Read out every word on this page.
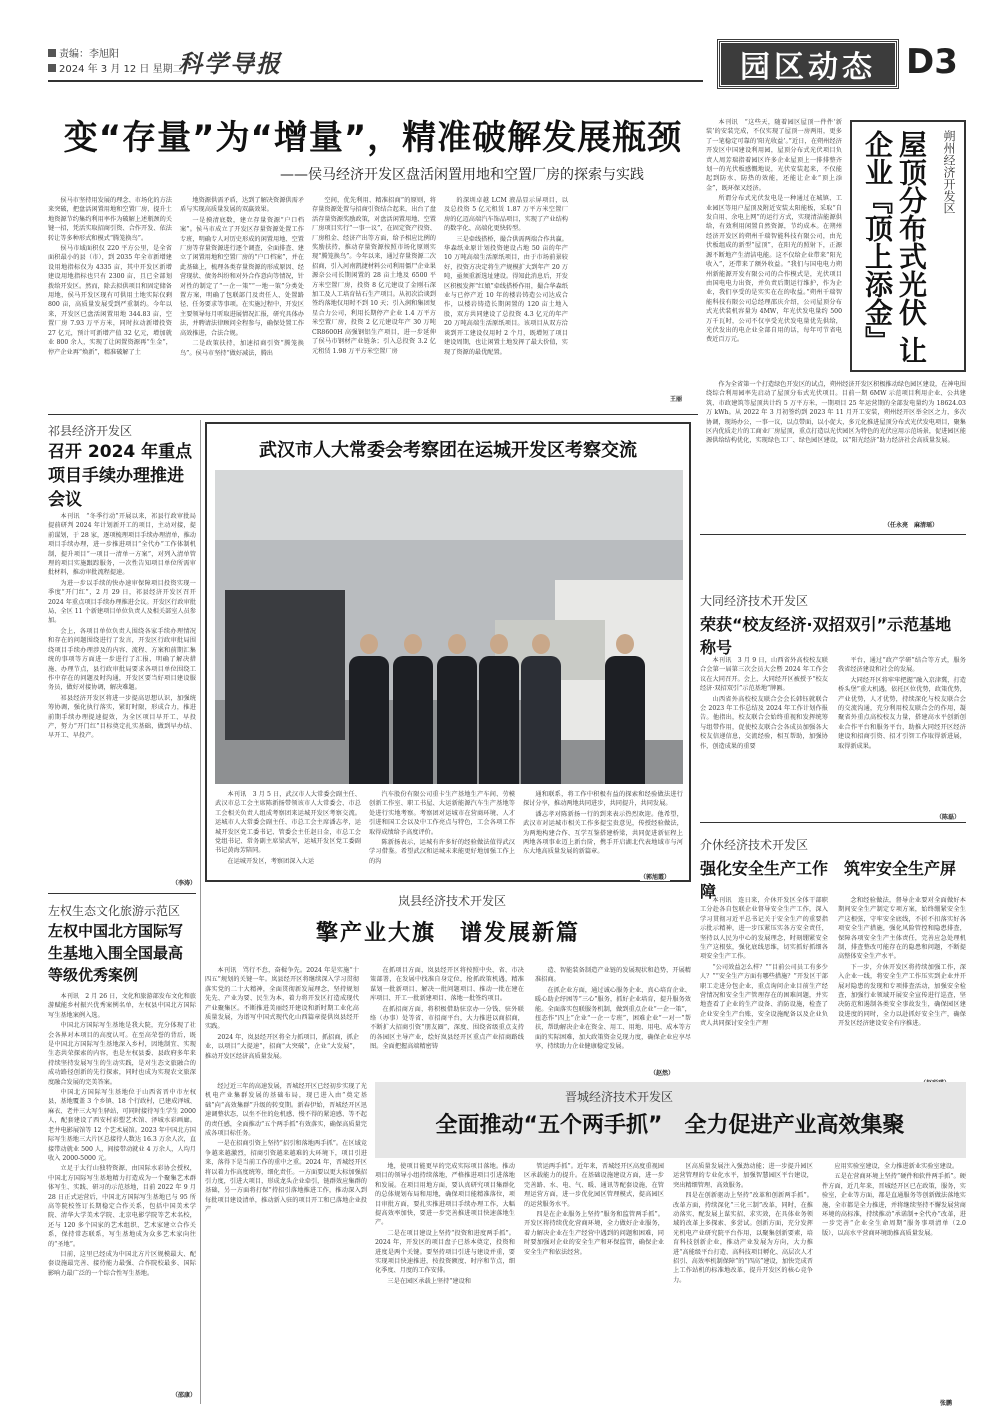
责编：李旭阳
2024 年 3 月 12 日 星期二
科学导报	园区动态 D3
变“存量”为“增量”，精准破解发展瓶颈
——侯马经济开发区盘活闲置用地和空置厂房的探索与实践

侯马市坚持用发展的理念、市场化的方法来突破，把盘活闲置用地和空置厂房，提升土地资源节约集约利用率作为破解上述瓶颈的关键一招，凭活实取招商引资、合作开发、依法转让等多种形式和模式“腾笼换鸟”。

侯马市域面积仅 220 平方公里，是全省面积最小的县（市），到 2035 年全市新增建设用地指标仅为 4335 亩，其中开发区新增建设用地指标也只有 2300 亩，且已全部划拨给开发区。然而，除去拟供项目和固定储备用地，侯马开发区现有可供用土地实际仅剩 800 亩，高质量发展受到严重制约。今年以来，开发区已盘活闲置用地 344.83 亩，空置厂房 7.93 万平方米，同时拉动新增投资 27 亿元，预计可新增产值 32 亿元，增加就业 800 余人，实现了让闲置资源再“生金”，停产企业再“焕新”，精准破解了土

地资源供需矛盾，达到了解决资源供需矛盾与实现高质量发展的双赢效果。

一是摸清底数，建立存量资源“户口档案”。侯马市成立了开发区存量资源处置工作专班，明确专人对历史形成的闲置用地、空置厂房等存量资源进行逐个调查，全面排查、建立了闲置用地和空置厂房的“户口档案”，并在此基础上，梳理各类存量资源的形成原因、经营现状、债务纠纷和对外合作意向等情况，针对性的制定了“一企一策”“一地一策”分类处置方案，明确了包联部门及责任人、处置路径、任务要求等事项。在实施过程中，开发区主要领导每月听取进展情况汇报，研究具体办法，并聘请法律顾问全程参与，确保处置工作高效推进，合法合规。

二是政策扶持，加速招商引资“腾笼换鸟”。侯马市坚持“做好减法，腾出

空间，优先利用、精准招商”的原则，将存量资源处置与招商引资结合起来，出台了盘活存量资源奖励政策，对盘活闲置用地、空置厂房项目实行“一事一议”，在固定资产投资、厂房租金、经济产出等方面，给予相应比例的奖励扶持，推动存量资源按照市场化原则实现“腾笼换鸟”。今年以来，通过存量资源二次招商，引入河南凯捷材料公司利用僵尸企业果源奈公司长期闲置的 28 亩土地及 6500 平方米空置厂房，投资 8 亿元建设了金刚石深加工及人工培育钻石生产项目。从初次洽谈到签约落地仅用时不到 10 天；引入润和集团复星合力公司，利用长期停产企业 1.4 万平方米空置厂房，投资 2 亿元建设年产 30 万吨 CR8600H 高强钢铝生产项目，进一步延伸了侯马市钢材产业链条；引入总投资 3.2 亿元租赁 1.98 万平方米空置厂房

的深圳卓越 LCM 液晶显示屏项目，以及总投资 5 亿元租赁 1.87 万平方米空置厂房的亿迈高端汽车饰品项目，实现了产业结构的数字化、高端化更快转型。

三是牵线搭桥，撮合供需两端合作共赢。华森纸业原计划投资建设占地 50 亩的年产 10 万吨高端生活原纸项目，由于市场前景较好，投资方决定将生产规模扩大到年产 20 万吨，亟须重新选址建设。得知此消息后，开发区积极发挥“红娘”牵线搭桥作用，撮合华森纸业与已停产近 10 年的楼岩铸造公司达成合作，以楼岩铸造长期闲置的 120 亩土地入股，双方共同建设了总投资 4.3 亿元的年产 20 万吨高端生活原纸项目。该项目从双方洽谈到开工建设仅用时 2 个月，既增短了项目建设周期，也让闲置土地发挥了最大价值，实现了资源的最优配置。

王丽
屋顶分布式光伏 让企业『顶上添金』	朔州经济开发区

本刊讯　“这些天，随着园区屋顶一件件‘新装’的安装完成，不仅实现了屋顶一房两用，更多了一笔稳定可靠的‘阳光收益’。”近日，在朔州经济开发区中国建设利用园，屋顶分布式光伏项目负责人周芳瑞指着园区许多企业屋顶上一排排整齐划一的光伏板感慨地说，光伏安装起来，不仅能起到防水、防热的效能，还能让企业“顶上添金”，既环保又经济。

所谓分布式光伏发电是一种通过在城镇、工业园区等用户屋顶及附近安装太阳能板，采取“自发自用、余电上网”的运行方式，实现清洁能源供给，有效利用闲置自然资源，节约成本。在朔州经济开发区的朔州千瑞智能科技有限公司，由光伏板组成的新型“屋顶”，在阳光的照射下，正源源不断地产生清洁电能。这不仅给企业带来“阳光收入”，还带来了额外收益。“我们与国电电力朔州新能源开发有限公司的合作模式是，光伏项目由国电电力出资，并负责后期运行维护，作为企业，我们享受的是实实在在的收益。”朔州千瑞智能科技有限公司总经理邵庆介绍，公司屋顶分布式光伏装机容量为 4MW，年光伏发电量约 500 万千瓦时，公司不仅享受光伏发电量优先供给，光伏发出的电企业全部自用的话，每年可节省电费近百万元。

作为全省第一个打造绿色开发区的试点，朔州经济开发区积极推动绿色园区建设，在神电围绕综合利用园率先启动了屋顶分布式光伏项目。目前一期 6MW 示范项目利用企业、公共建筑、市政建筑等屋顶共计约 5 万平方米，一期项目 25 年运营期的全部发电量约为 18624.03 万 kWh。从 2022 年 3 月初签约到 2023 年 11 月开工安装，朔州经开区举全区之力，多次协调，现场办公，一事一议，以点带面，以小促大，多元化推进屋顶分布式光伏发电项目，聚集区内优质走片的工商业厂房屋顶，重点打造以光伏园区为特色的光伏应用示范场景，促进园区能源供给结构优化，实现绿色工厂、绿色园区建设，以“阳光经济”助力经济社会高质量发展。

（任永亮　麻清瑶）
祁县经济开发区
召开 2024 年重点项目手续办理推进会议

本刊讯　“冬季行动”开展以来，祁县行政审批局提前研判 2024 年计划新开工的项目，主动对接，提前谋划，于 28 家，逐项梳理项目手续办理清单，推动项目手续办理，进一步推进项目“全代办”工作体制机制，提升项目“一项目一清单一方案”，对列入清单管理的项目实施跟踪服务，一次性告知项目单位所需审批材料，推动审批流程提速。

为进一步以手续的快办速审保障项目投资实现一季度“开门红”，2 月 29 日，祁县经济开发区召开 2024 年重点项目手续办理推进会议。开发区行政审批局、全区 11 个新建项目单位负责人及相关部室人员参加。

会上，各项目单位负责人围绕各家手续办理情况和存在的问题围绕进行了发言，开发区行政审批局围绕项目手续办理涉及的内容、流程、方案和前期汇集统的事项等方面进一步进行了汇报，明确了解决措施、办理节点，县行政审批局要求各项目单位围绕工作中存在的问题及时沟通，开发区要当好项目建设服务员，做好对接协调，解决难题。

祁县经济开发区将进一步提高思想认识，加强统筹协调，强化执行落实，紧盯时限，形成合力，推进前期手续办理提速提效，为全区项目早开工、早投产，努力“开门红”目标奠定扎实基础，做到早办结、早开工、早投产。

（李涛）
武汉市人大常委会考察团在运城开发区考察交流

本刊讯　3 月 5 日，武汉市人大常委会副主任、武汉市总工会主席陈新扬带领该市人大常委会、市总工会相关负责人组成考察团来运城开发区考察交流。运城市人大常委会副主任、市总工会主席潘志孝，运城开发区党工委书记、管委会主任赵日金，市总工会党组书记、常务副主席梁武军，运城开发区党工委副书记黄海芳陪同。

在运城开发区，考察团深入大运

汽车股份有限公司重卡生产基地生产车间、劳模创新工作室、职工书屋、大运新能源汽车生产基地等处进行实地考察。考察团对运城市在营商环境、人才引进和国工会以及中工作亮点与特色，工会各项工作取得成绩给予高度评价。

陈新扬表示，运城有许多好的经验做法值得武汉学习借鉴。希望武汉和运城未来能更好地加强工作上的沟

通和联系，将工作中积极有益的探索和经验做法进行探讨分享，推动两地共同进步，共同提升，共同发展。

潘志孝对陈新扬一行的到来表示热烈欢迎。他希望，武汉市对运城市相关工作多提宝贵意见，传授经验做法，为两地构建合作、互学互鉴搭建桥梁，共同促进新征程上两地各项事业迈上新台阶，携手开启湖北代表地域市与河东大地高质量发展的新篇章。

（郭旭霞）
大同经济技术开发区
荣获“校友经济·双招双引”示范基地称号

本刊讯　3 月 9 日，山西省外高校校友联合会第一届第三次会员大会暨 2024 年工作会议在大同召开。会上，大同经开区被授予“校友经济·双招双引”示范基地”牌匾。

山西省外高校校友联合会会长韩钰就联合会 2023 年工作总结及 2024 年工作计划作报告。他指出，校友联合会始终重视和发挥统筹与组带作用，促使校友联合会各成员加强各大校友信递信息，交流经验，相互帮助，加强协作，创造成果的重要

平台，通过“政产学研”结合等方式，服务我省经济建设和社会的发展。

大同经开区将牢牢把握“融入京津冀，打造桥头堡”重大机遇，依托区位优势，政策优势，产业优势，人才优势，持续深化与校友联合会的交流沟通，充分利用校友联合会的作用，凝聚省外重点高校校友力量，搭建高水平创新创业合作平台和服务平台，助推大同经开区经济建设和招商引资、招才引智工作取得新进展，取得新成果。

（陈磊）
介休经济技术开发区
强化安全生产工作　筑牢安全生产屏障

本刊讯　连日来，介休开发区全体干部职工分赴各自包联企业督导安全生产工作，深入学习贯彻习近平总书记关于安全生产的重要指示批示精神，进一步压紧压实各方安全责任，坚持以人民为中心的发展理念，时刻绷紧安全生产这根弦，强化底线思维，切实抓好抓细各项安全生产工作。

“公司效益怎么样？”“目前公司员工有多少人？”“安全生产方面有哪些措施？”开发区干部职工走进分包企业，重点询问企业目前生产经营情况和安全生产管理存在的困难问题，并实地查看了企业的生产设备、消防设施，检查了企业安全生产台账，安全设施配备以及企业负责人共同探讨安全生产理

念和经验做法，督导企业要对全面做好本期间安全生产制定专项方案，始终绷紧安全生产这根弦，守牢安全底线，不折不扣落实好各项安全生产措施，强化风险管控和隐患排查，保障各项安全生产主体责任，完善应急处理机制，排查整改可能存在的隐患和问题，不断提高整体安全生产水平。

下一步，介休开发区将持续加强工作，深入企业一线，将安全生产工作压实到企业并开展对隐患的发现和专项排查活动，加强安全检查，加强行业领域开展安全宣传进行巡查，坚决防范和遏制各类安全事故发生，确保园区建设进度的同时，全力以赴抓好安全生产，确保开发区经济建设安全有序推进。

左权生态文化旅游示范区
左权中国北方国际写生基地入围全国最高等级优秀案例

本刊讯　2 月 26 日，文化和旅游部发布文化和旅游赋能乡村振兴优秀案例名单，左权县中国北方国际写生基地案例入选。

中国北方国际写生基地是我大院，充分体现了社会各界对本项目的高度认可。在至高荣誉的背后，既是中国北方国际写生基地深入乡村，因地制宜、实现生态共荣探索的内容，也是左权县委、县政府多年来持续坚持发展写生的生动实践，是对生态文旅融合的成功路径创新的先行探索，同时也成为实现农文旅深度融合发展的完美答案。

中国北方国际写生基地位于山西省晋中市左权县，基地覆盖 3 个乡镇、18 个行政村，已建成泽城、麻衣、老井三大写生驿站，可同时接待写生学生 2000 人，配套建设了西安村彩塑艺术馆、泽城水彩画廊。老井电影展馆等 12 个艺术展馆。2023 年中国北方国际写生基地三大片区总接待人数达 16.3 万余人次，直接带动就业 500 人，间接带动就业 4 万余人，人均月收入 2000-5000 元。

立足于太行山独特资源，由国际水彩协会授权，中国北方国际写生基地精力打造成为一个聚集艺术群体写生、实践、研习的示范基地，目前 2022 年 9 月 28 日正式运营后，中国北方国际写生基地已与 95 所高等院校签订长期稳定合作关系，包括中国美术学院、清华大学美术学院、北京电影学院等艺术名校，还与 120 多个国家的艺术组织、艺术家建立合作关系，保持常态联系，写生基地成为众多艺术家向往的“圣地”。

目前，这里已经成为中国北方片区规模最大、配套设施最完善、接待能力最强、合作院校最多、国际影响力最广泛的一个综合性写生基地。

（邵康）
岚县经济技术开发区
擎产业大旗　谱发展新篇

本刊讯　骂行不怠，奋楫争先。2024 年是实施“十四五”规划的关键一年。岚县经开区将继续深入学习贯彻落实党的二十大精神，全面贯彻新发展理念，坚持规划先先、产业为要、民生为本，着力将开发区打造成现代产业聚集区。不断推进美丽经开建设和新时期工业化高质量发展，为谱写中国式现代化山西篇章提供岚县经开实践。

2024 年，岚县经开区将全力抓项目，抓招商，抓企业，以项目“大提速”，招商“大突破”，企业“大发展”，推动开发区经济高质量发展。

在抓项目方面，岚县经开区将按照中央、省、市决策部署，在发展中找准自身定位，抢抓政策机遇，精准谋划一批新项目、解决一批问题项目、推动一批在建在库项目、开工一批新建项目、落地一批签约项目。

在抓招商方面，将积极借助驻京办一分钱、驻外联络（办事）处等省、市招商平台，大力推进以商招商，不断扩大招商引资“朋友圈”，深度、围绕省级重点支持的各园区主导产业，绘好岚县经开区重点产业招商路线图。全面把握高端精密铸

造、智能装备制造产业链的发展现状和趋势，开展精准招商。

在抓企业方面，通过诚心服务企业、真心培育企业、暖心助企纾困等“三心”服务，抓好企业培育，提升服务效能。全面落实包联服务机制，做到重点企业“一企一策”，扭态作“四上”企业“一企一专班”，困难企业“一对一”帮扶，帮助解决企业在资金、用工、用地、用电、成本等方面的实际困难，加大政策资金兑现力度，确保企业应享尽享，持续助力企业健康稳定发展。

（赵然）
晋城经济技术开发区
全面推动“五个两手抓”　全力促进产业高效集聚

经过近三年的高速发展，晋城经开区已经初步实现了光机电产业集群发展的基础布局，现已进入由“奠定基础”向“高效集群”升级的转变期。新春伊始，晋城经开区迅速调整状态，以坐不住的危机感、慢不得的紧迫感、等不起的责任感，全面推动“五个两手抓”有效落实，确保高质量完成各项目标任务。

一是在招商引资上坚持“招引和落地两手抓”。在区域竞争越来越激烈，招商引资越来越难的大环境下，项目引进来，落得下是当前工作的重中之重。2024 年，晋城经开区将以着力作高度统筹，细化责任。一方面要以更大标加强招引力度，引进大项目，形成龙头企业牵引，链群效应集群的基础，另一方面将打保“持招引落地推进工作，推动深入到每批项目建设清单，推动新入驻的项目开工和已落地企业投产

地，使项目能更早的完成实际项目落地。推动项目的领导小组持续落地，严格推进项目引进落地和发展。在项目用地方面，要认真研究项目集群化的总体规划布局和用地，确保项目能精准落位，项目审批方面，要扎实推进项目手续办理工作，大幅提高效率加快，要进一步完善推进项目快速落地生产。

二是在项目建设上坚持“投资和进度两手抓”。2024 年，开发区的项目盘子已基本奠定，投资和进度是两个关键。要坚持项目引进与建设并重，要实现项目快速推进，按投资额度、时序和节点，细化季度、月度的工作安排。

三是在园区承载上坚持“建设和

管运两手抓”。近年来，晋城经开区高度重视园区承载能力的提升。在基础设施建设方面，进一步完善路、水、电、气、暖、通讯等配套设施，在管理运营方面，进一步优化园区管理模式，提高园区的运营服务水平。

四是在企业服务上坚持“服务和监管两手抓”。开发区将持续优化营商环境，全力做好企业服务，着力解决企业在生产经营中遇到的问题和困难，同时要加强对企业的安全生产和环保监管，确保企业安全生产和依法经营。

区高质量发展注入强劲动能；进一步提升园区运营管理的专业化水平，加强智慧园区平台建设，突出精细管理、高效服务。

四是在创新驱动上坚持“改革和创新两手抓”。改革方面，持续深化“三化三制”改革，同时，在推动落实、配发展上谋实招、求实效，在具体业务领域的改革上多探索、多尝试。创新方面，充分发挥光机电产业研究院平台作用，以聚集创新要素，培育科技创新企业，推动产业发展为方向，大力推进“高能级平台打造、高科技项目孵化、高层次人才招引、高效率机制保障”的“四高”建设，加快完成晋上工作站机的标准地改革，提升开发区的核心竞争力。

应用实验室建设，全力推进新业实验室建设。

五是在营商环境上坚持“硬件和软件两手抓”。硬件方面，近几年来，晋城经开区已在政策，服务，实验室，企业等方面，都是直通服务等创新做法落地实施，全市都是全力推进，并将继续坚持不懈发展营商环境的高标准，持续推动“承诺制+全代办”改革，进一步完善“企业全生命周期”服务事项清单（2.0 版），以高水平营商环境助推高质量发展。

张鹏
